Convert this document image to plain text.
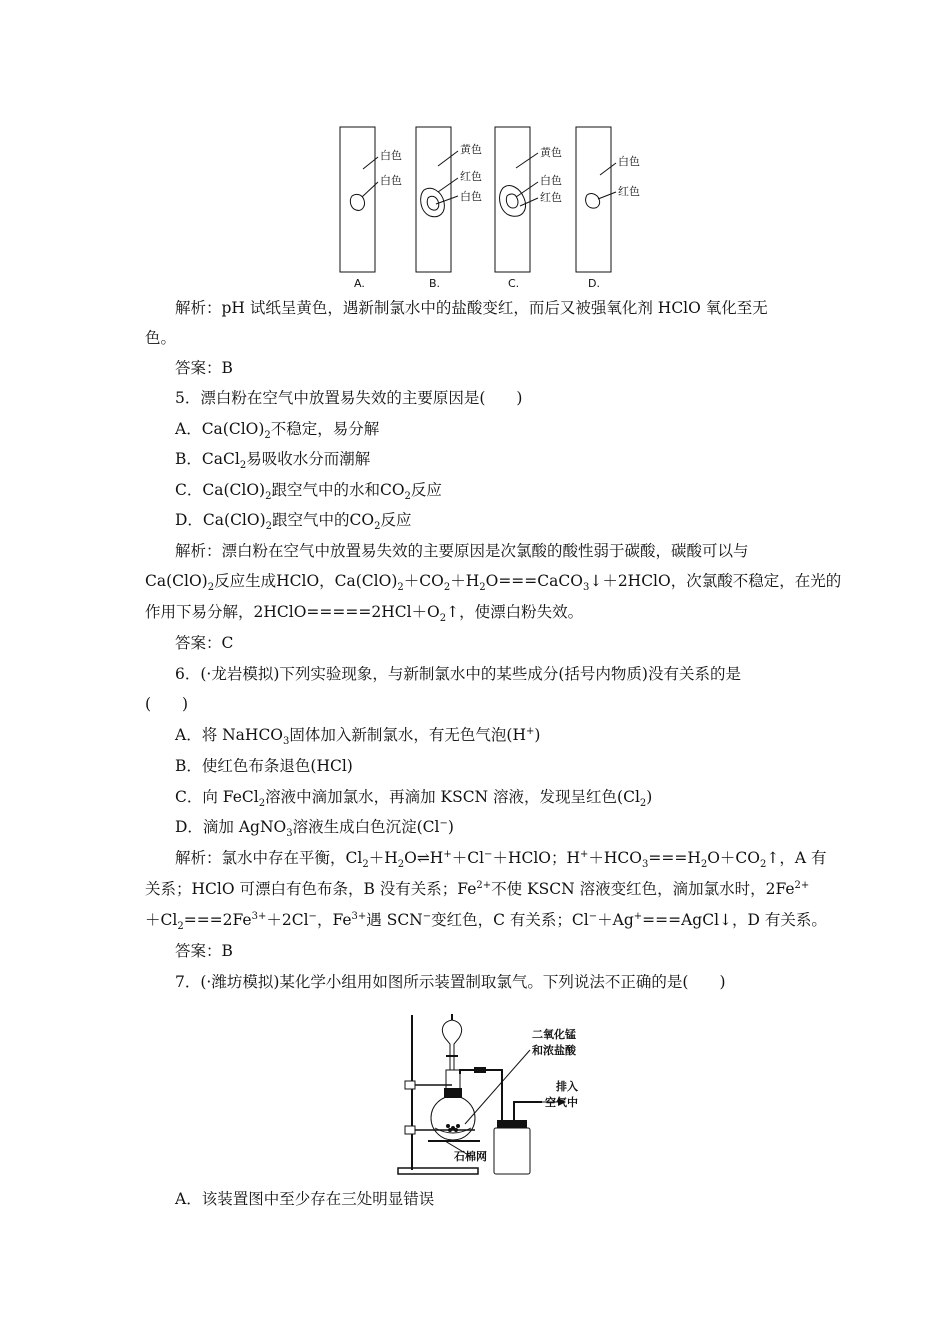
白色
白色
A.
黄色
红色
白色
B.
黄色
白色
红色
C.
白色
红色
D.
解析：pH 试纸呈黄色，遇新制氯水中的盐酸变红，而后又被强氧化剂 HClO 氧化至无
色。
答案：B
5．漂白粉在空气中放置易失效的主要原因是(　　)
A．$Ca(ClO)_2$不稳定，易分解
B．CaCl$_2$易吸收水分而潮解
C．$Ca(ClO)_2$跟空气中的水和$CO_2$反应
D．$Ca(ClO)_2$跟空气中的$CO_2$反应
解析：漂白粉在空气中放置易失效的主要原因是次氯酸的酸性弱于碳酸，碳酸可以与
$Ca(ClO)_2$反应生成HClO，$Ca(ClO)_2+CO_2+H_2O===CaCO_3↓+2HClO$，次氯酸不稳定，在光的
作用下易分解，$2HClO=====2HCl+O_2↑$，使漂白粉失效。
答案：C
6．(·龙岩模拟)下列实验现象，与新制氯水中的某些成分(括号内物质)没有关系的是
(　　)
A．将 NaHCO$_3$固体加入新制氯水，有无色气泡(H+)
B．使红色布条退色(HCl)
C．向 FeCl$_2$溶液中滴加氯水，再滴加 KSCN 溶液，发现呈红色$(Cl_2)$
D．滴加 AgNO$_3$溶液生成白色沉淀(Cl−)
解析：氯水中存在平衡，$Cl_2+H_2O\rightleftharpoons H^++Cl^-+HClO$；$H^++HCO_3===H_2O+CO_2↑$，A 有
关系；HClO 可漂白有色布条，B 没有关系；$Fe^{2+}$不使 KSCN 溶液变红色，滴加氯水时，$2Fe^{2+}$
$+Cl_2===2Fe^{3+}+2Cl^-$，$Fe^{3+}$遇 SCN−变红色，C 有关系；Cl−＋Ag+===AgCl↓，D 有关系。
答案：B
7．(·潍坊模拟)某化学小组用如图所示装置制取氯气。下列说法不正确的是(　　)
二氧化锰
和浓盐酸
排入
空气中
石棉网
A．该装置图中至少存在三处明显错误
